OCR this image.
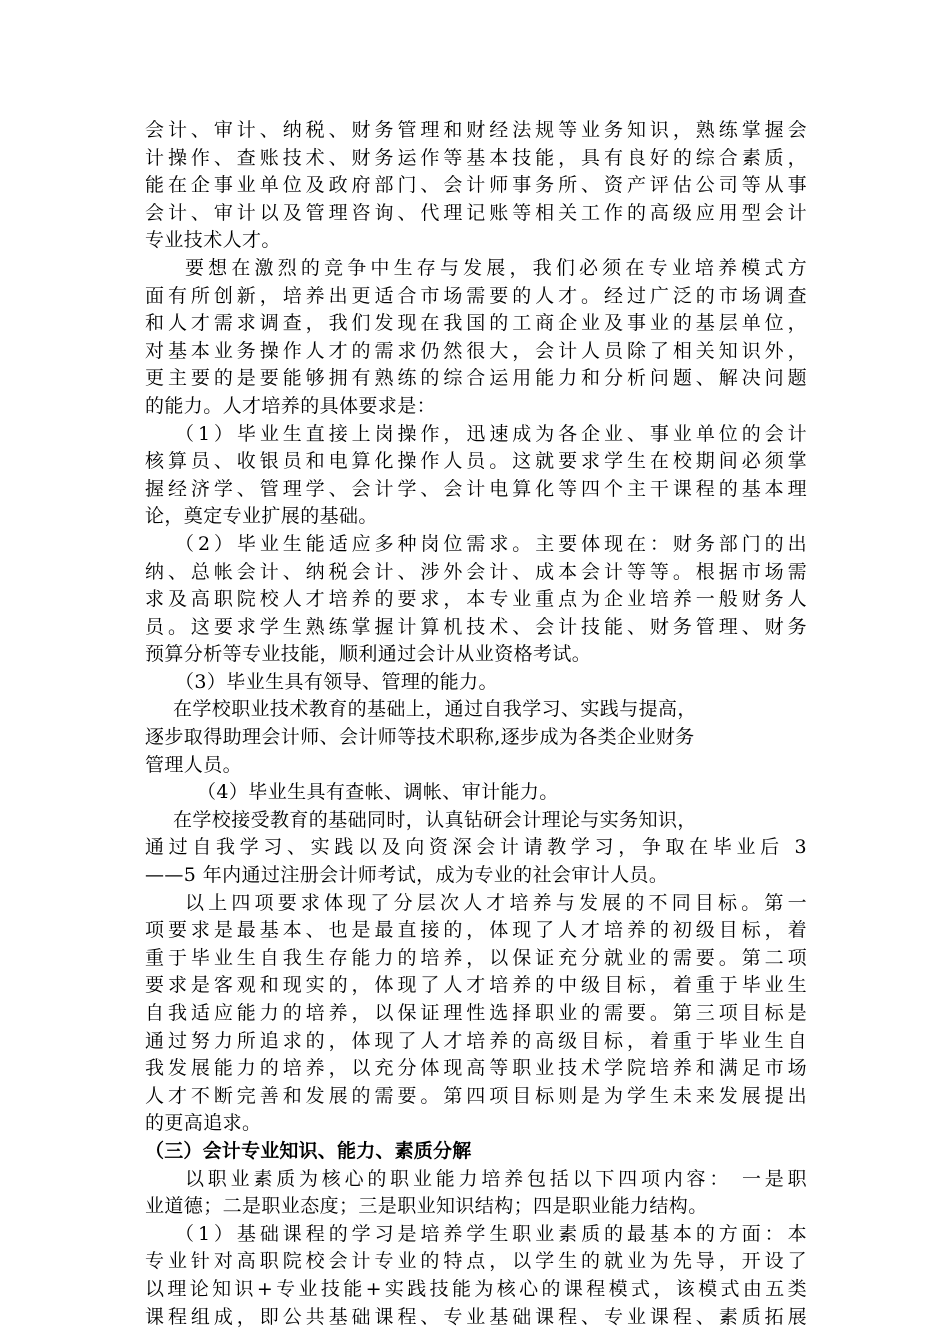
会计、审计、纳税、财务管理和财经法规等业务知识，熟练掌握会
计操作、查账技术、财务运作等基本技能，具有良好的综合素质，
能在企事业单位及政府部门、会计师事务所、资产评估公司等从事
会计、审计以及管理咨询、代理记账等相关工作的高级应用型会计
专业技术人才。
要想在激烈的竞争中生存与发展，我们必须在专业培养模式方
面有所创新，培养出更适合市场需要的人才。经过广泛的市场调查
和人才需求调查，我们发现在我国的工商企业及事业的基层单位，
对基本业务操作人才的需求仍然很大，会计人员除了相关知识外，
更主要的是要能够拥有熟练的综合运用能力和分析问题、解决问题
的能力。人才培养的具体要求是：
（1）毕业生直接上岗操作，迅速成为各企业、事业单位的会计
核算员、收银员和电算化操作人员。这就要求学生在校期间必须掌
握经济学、管理学、会计学、会计电算化等四个主干课程的基本理
论，奠定专业扩展的基础。
（2）毕业生能适应多种岗位需求。主要体现在：财务部门的出
纳、总帐会计、纳税会计、涉外会计、成本会计等等。根据市场需
求及高职院校人才培养的要求，本专业重点为企业培养一般财务人
员。这要求学生熟练掌握计算机技术、会计技能、财务管理、财务
预算分析等专业技能，顺利通过会计从业资格考试。
（3）毕业生具有领导、管理的能力。
在学校职业技术教育的基础上，通过自我学习、实践与提高，
逐步取得助理会计师、会计师等技术职称,逐步成为各类企业财务
管理人员。
（4）毕业生具有查帐、调帐、审计能力。
在学校接受教育的基础同时，认真钻研会计理论与实务知识，
通过自我学习、实践以及向资深会计请教学习，争取在毕业后 3
——5 年内通过注册会计师考试，成为专业的社会审计人员。
以上四项要求体现了分层次人才培养与发展的不同目标。第一
项要求是最基本、也是最直接的，体现了人才培养的初级目标，着
重于毕业生自我生存能力的培养，以保证充分就业的需要。第二项
要求是客观和现实的，体现了人才培养的中级目标，着重于毕业生
自我适应能力的培养，以保证理性选择职业的需要。第三项目标是
通过努力所追求的，体现了人才培养的高级目标，着重于毕业生自
我发展能力的培养，以充分体现高等职业技术学院培养和满足市场
人才不断完善和发展的需要。第四项目标则是为学生未来发展提出
的更高追求。
（三）会计专业知识、能力、素质分解
以职业素质为核心的职业能力培养包括以下四项内容： 一是职
业道德；二是职业态度；三是职业知识结构；四是职业能力结构。
（1）基础课程的学习是培养学生职业素质的最基本的方面：本
专业针对高职院校会计专业的特点，以学生的就业为先导，开设了
以理论知识+专业技能+实践技能为核心的课程模式，该模式由五类
课程组成，即公共基础课程、专业基础课程、专业课程、素质拓展
